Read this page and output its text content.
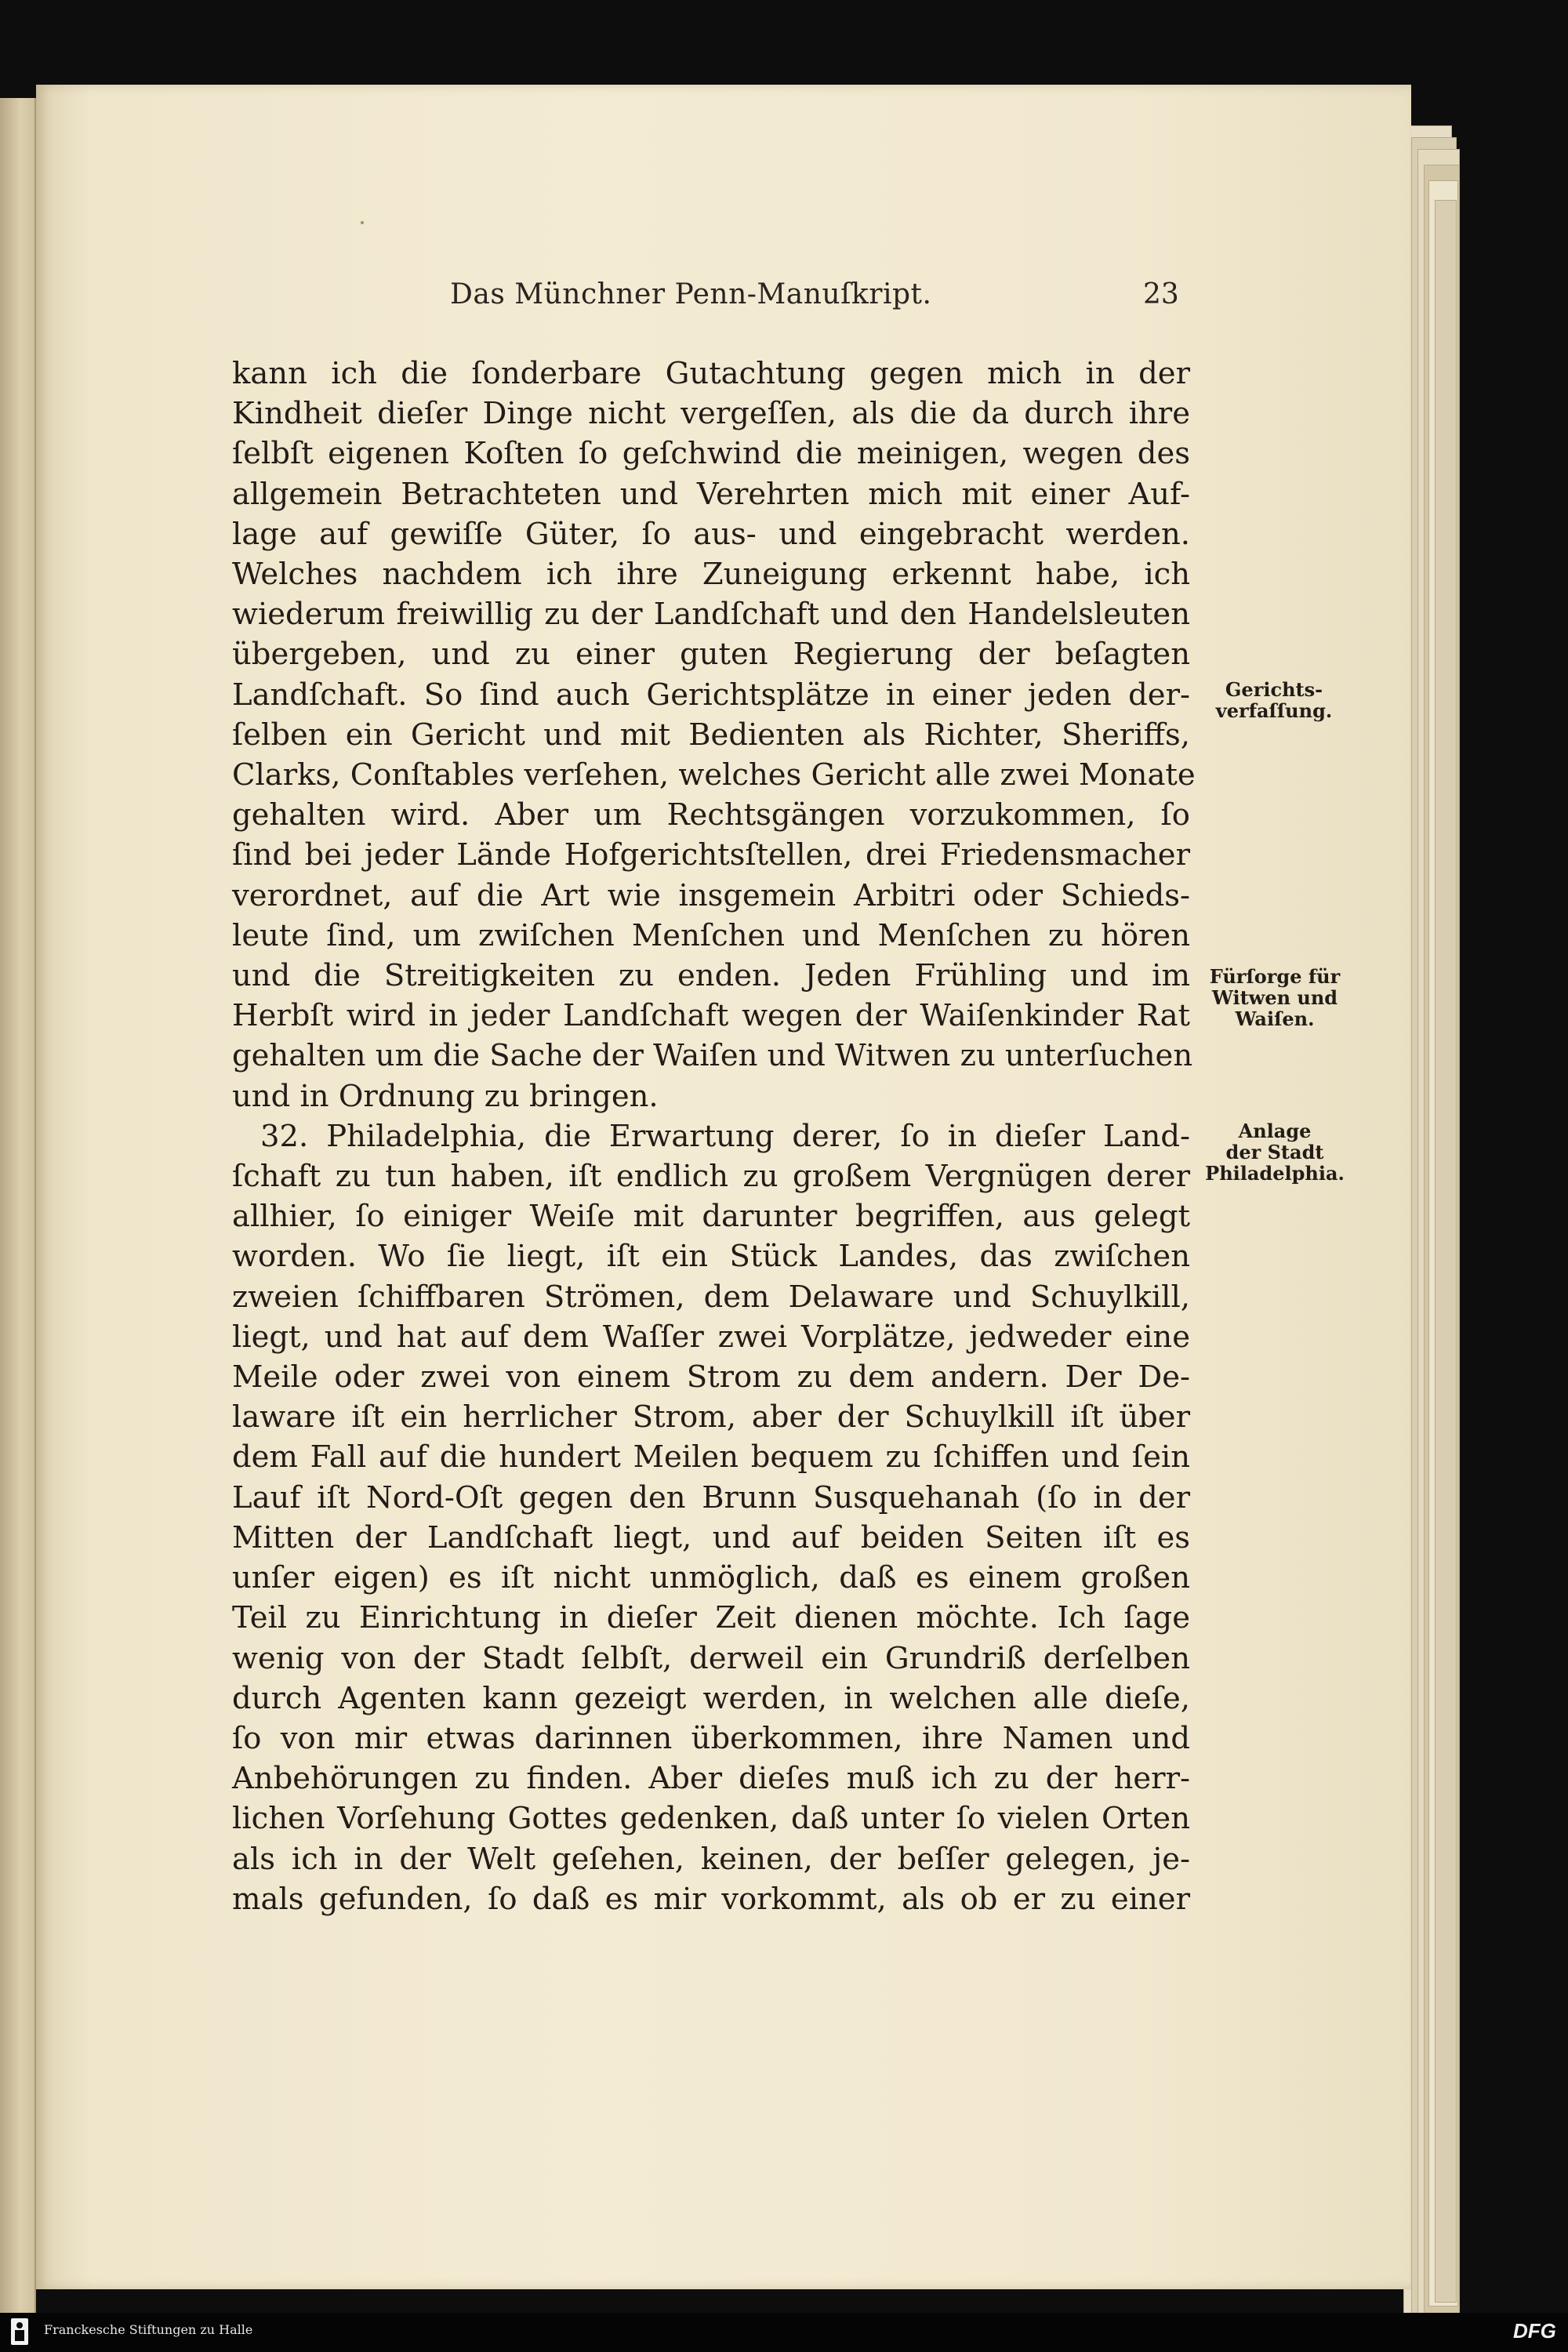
Das Münchner Penn-Manuſkript.	23
kann ich die ſonderbare Gutachtung gegen mich in der
Kindheit dieſer Dinge nicht vergeſſen, als die da durch ihre
ſelbſt eigenen Koſten ſo geſchwind die meinigen, wegen des
allgemein Betrachteten und Verehrten mich mit einer Auf-
lage auf gewiſſe Güter, ſo aus- und eingebracht werden.
Welches nachdem ich ihre Zuneigung erkennt habe, ich
wiederum freiwillig zu der Landſchaft und den Handelsleuten
übergeben, und zu einer guten Regierung der beſagten
Landſchaft. So ſind auch Gerichtsplätze in einer jeden der-
ſelben ein Gericht und mit Bedienten als Richter, Sheriffs,
Clarks, Conſtables verſehen, welches Gericht alle zwei Monate
gehalten wird. Aber um Rechtsgängen vorzukommen, ſo
ſind bei jeder Lände Hofgerichtsſtellen, drei Friedensmacher
verordnet, auf die Art wie insgemein Arbitri oder Schieds-
leute ſind, um zwiſchen Menſchen und Menſchen zu hören
und die Streitigkeiten zu enden. Jeden Frühling und im
Herbſt wird in jeder Landſchaft wegen der Waiſenkinder Rat
gehalten um die Sache der Waiſen und Witwen zu unterſuchen
und in Ordnung zu bringen.
32. Philadelphia, die Erwartung derer, ſo in dieſer Land-
ſchaft zu tun haben, iſt endlich zu großem Vergnügen derer
allhier, ſo einiger Weiſe mit darunter begriffen, aus gelegt
worden. Wo ſie liegt, iſt ein Stück Landes, das zwiſchen
zweien ſchiffbaren Strömen, dem Delaware und Schuylkill,
liegt, und hat auf dem Waſſer zwei Vorplätze, jedweder eine
Meile oder zwei von einem Strom zu dem andern. Der De-
laware iſt ein herrlicher Strom, aber der Schuylkill iſt über
dem Fall auf die hundert Meilen bequem zu ſchiffen und ſein
Lauf iſt Nord-Oſt gegen den Brunn Susquehanah (ſo in der
Mitten der Landſchaft liegt, und auf beiden Seiten iſt es
unſer eigen) es iſt nicht unmöglich, daß es einem großen
Teil zu Einrichtung in dieſer Zeit dienen möchte. Ich ſage
wenig von der Stadt ſelbſt, derweil ein Grundriß derſelben
durch Agenten kann gezeigt werden, in welchen alle dieſe,
ſo von mir etwas darinnen überkommen, ihre Namen und
Anbehörungen zu finden. Aber dieſes muß ich zu der herr-
lichen Vorſehung Gottes gedenken, daß unter ſo vielen Orten
als ich in der Welt geſehen, keinen, der beſſer gelegen, je-
mals gefunden, ſo daß es mir vorkommt, als ob er zu einer
Gerichts-
verfaſſung.
Fürſorge für
Witwen und
Waiſen.
Anlage
der Stadt
Philadelphia.
Franckesche Stiftungen zu Halle	DFG
